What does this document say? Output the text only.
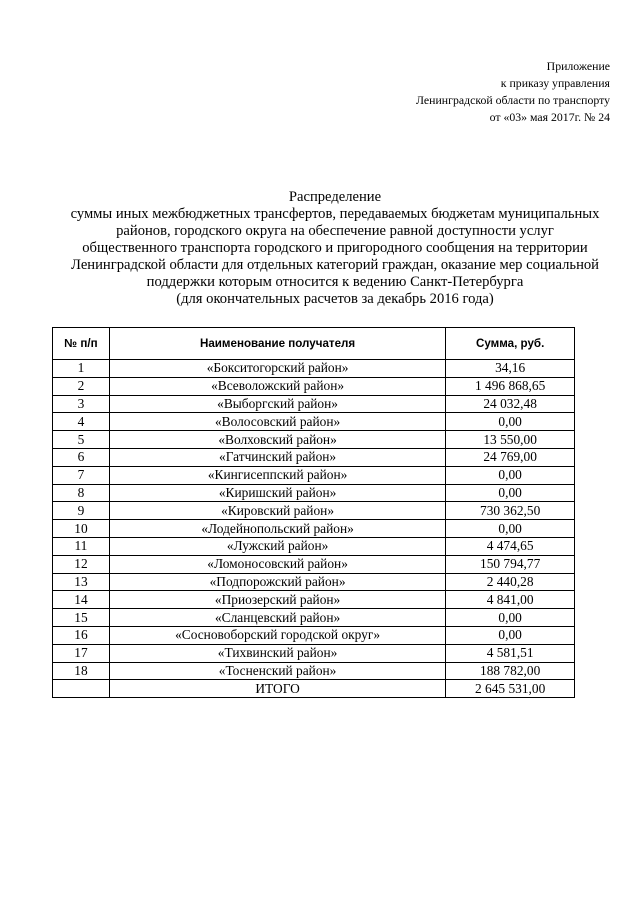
Приложение
к приказу управления
Ленинградской области по транспорту
от «03» мая 2017г. № 24
Распределение
суммы иных межбюджетных трансфертов, передаваемых бюджетам муниципальных
районов, городского округа на обеспечение равной доступности услуг
общественного транспорта городского и пригородного сообщения на территории
Ленинградской области для отдельных категорий граждан, оказание мер социальной
поддержки которым относится к ведению Санкт-Петербурга
(для окончательных расчетов за декабрь 2016 года)
№ п/п	Наименование получателя	Сумма, руб.
1	«Бокситогорский район»	34,16
2	«Всеволожский район»	1 496 868,65
3	«Выборгский район»	24 032,48
4	«Волосовский район»	0,00
5	«Волховский район»	13 550,00
6	«Гатчинский район»	24 769,00
7	«Кингисеппский район»	0,00
8	«Киришский район»	0,00
9	«Кировский район»	730 362,50
10	«Лодейнопольский район»	0,00
11	«Лужский район»	4 474,65
12	«Ломоносовский район»	150 794,77
13	«Подпорожский район»	2 440,28
14	«Приозерский район»	4 841,00
15	«Сланцевский район»	0,00
16	«Сосновоборский городской округ»	0,00
17	«Тихвинский район»	4 581,51
18	«Тосненский район»	188 782,00
	ИТОГО	2 645 531,00
